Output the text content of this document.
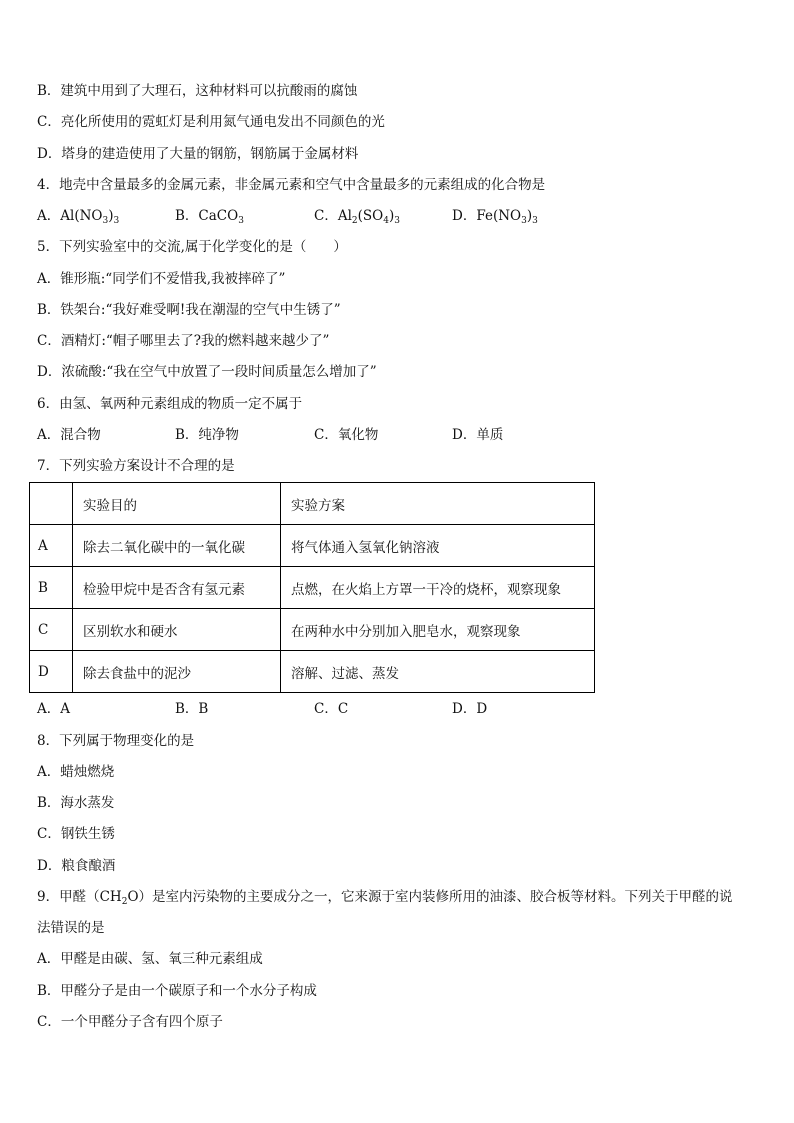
B．建筑中用到了大理石，这种材料可以抗酸雨的腐蚀
C．亮化所使用的霓虹灯是利用氮气通电发出不同颜色的光
D．塔身的建造使用了大量的钢筋，钢筋属于金属材料
4．地壳中含量最多的金属元素，非金属元素和空气中含量最多的元素组成的化合物是
A．$Al(NO_3)_3$	B．CaCO$_3$	C．$Al_2(SO_4)_3$	D．$Fe(NO_3)_3$
5．下列实验室中的交流,属于化学变化的是（　　）
A．锥形瓶:“同学们不爱惜我,我被摔碎了”
B．铁架台:“我好难受啊!我在潮湿的空气中生锈了”
C．酒精灯:“帽子哪里去了?我的燃料越来越少了”
D．浓硫酸:“我在空气中放置了一段时间质量怎么增加了”
6．由氢、氧两种元素组成的物质一定不属于
A．混合物	B．纯净物	C．氧化物	D．单质
7．下列实验方案设计不合理的是
	实验目的	实验方案
A	除去二氧化碳中的一氧化碳	将气体通入氢氧化钠溶液
B	检验甲烷中是否含有氢元素	点燃，在火焰上方罩一干冷的烧杯，观察现象
C	区别软水和硬水	在两种水中分别加入肥皂水，观察现象
D	除去食盐中的泥沙	溶解、过滤、蒸发
A．A	B．B	C．C	D．D
8．下列属于物理变化的是
A．蜡烛燃烧
B．海水蒸发
C．钢铁生锈
D．粮食酿酒
9．甲醛$(CH_2O)$是室内污染物的主要成分之一，它来源于室内装修所用的油漆、胶合板等材料。下列关于甲醛的说
法错误的是
A．甲醛是由碳、氢、氧三种元素组成
B．甲醛分子是由一个碳原子和一个水分子构成
C．一个甲醛分子含有四个原子
